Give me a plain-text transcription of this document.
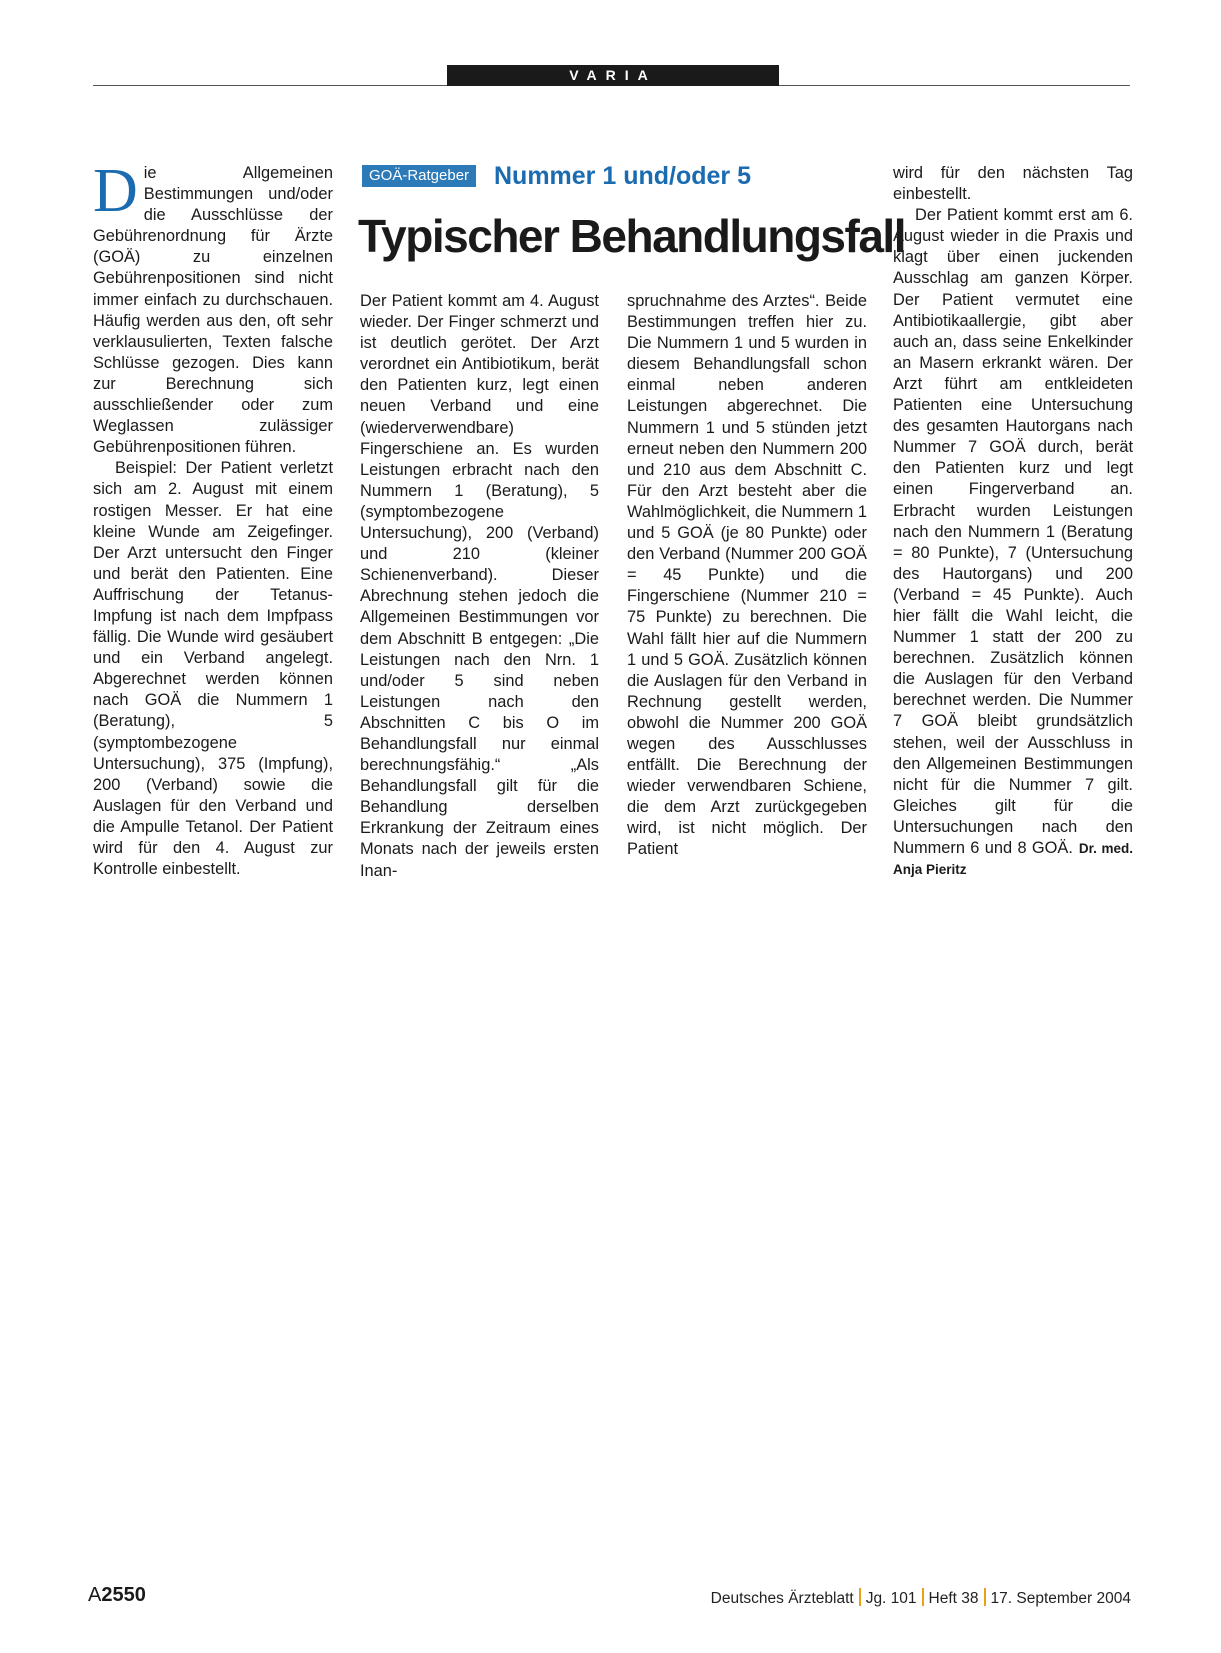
VARIA

Die Allgemeinen Bestimmungen und/oder die Ausschlüsse der Gebührenordnung für Ärzte (GOÄ) zu einzelnen Gebührenpositionen sind nicht immer einfach zu durchschauen. Häufig werden aus den, oft sehr verklausulierten, Texten falsche Schlüsse gezogen. Dies kann zur Berechnung sich ausschließender oder zum Weglassen zulässiger Gebührenpositionen führen.

Beispiel: Der Patient verletzt sich am 2. August mit einem rostigen Messer. Er hat eine kleine Wunde am Zeigefinger. Der Arzt untersucht den Finger und berät den Patienten. Eine Auffrischung der Tetanus-Impfung ist nach dem Impfpass fällig. Die Wunde wird gesäubert und ein Verband angelegt. Abgerechnet werden können nach GOÄ die Nummern 1 (Beratung), 5 (symptombezogene Untersuchung), 375 (Impfung), 200 (Verband) sowie die Auslagen für den Verband und die Ampulle Tetanol. Der Patient wird für den 4. August zur Kontrolle einbestellt.

GOÄ-Ratgeber Nummer 1 und/oder 5
Typischer Behandlungsfall

Der Patient kommt am 4. August wieder. Der Finger schmerzt und ist deutlich gerötet. Der Arzt verordnet ein Antibiotikum, berät den Patienten kurz, legt einen neuen Verband und eine (wiederverwendbare) Fingerschiene an. Es wurden Leistungen erbracht nach den Nummern 1 (Beratung), 5 (symptombezogene Untersuchung), 200 (Verband) und 210 (kleiner Schienenverband). Dieser Abrechnung stehen jedoch die Allgemeinen Bestimmungen vor dem Abschnitt B entgegen: „Die Leistungen nach den Nrn. 1 und/oder 5 sind neben Leistungen nach den Abschnitten C bis O im Behandlungsfall nur einmal berechnungsfähig.“ „Als Behandlungsfall gilt für die Behandlung derselben Erkrankung der Zeitraum eines Monats nach der jeweils ersten Inan-

spruchnahme des Arztes“. Beide Bestimmungen treffen hier zu. Die Nummern 1 und 5 wurden in diesem Behandlungsfall schon einmal neben anderen Leistungen abgerechnet. Die Nummern 1 und 5 stünden jetzt erneut neben den Nummern 200 und 210 aus dem Abschnitt C. Für den Arzt besteht aber die Wahlmöglichkeit, die Nummern 1 und 5 GOÄ (je 80 Punkte) oder den Verband (Nummer 200 GOÄ = 45 Punkte) und die Fingerschiene (Nummer 210 = 75 Punkte) zu berechnen. Die Wahl fällt hier auf die Nummern 1 und 5 GOÄ. Zusätzlich können die Auslagen für den Verband in Rechnung gestellt werden, obwohl die Nummer 200 GOÄ wegen des Ausschlusses entfällt. Die Berechnung der wieder verwendbaren Schiene, die dem Arzt zurückgegeben wird, ist nicht möglich. Der Patient

wird für den nächsten Tag einbestellt.

Der Patient kommt erst am 6. August wieder in die Praxis und klagt über einen juckenden Ausschlag am ganzen Körper. Der Patient vermutet eine Antibiotikaallergie, gibt aber auch an, dass seine Enkelkinder an Masern erkrankt wären. Der Arzt führt am entkleideten Patienten eine Untersuchung des gesamten Hautorgans nach Nummer 7 GOÄ durch, berät den Patienten kurz und legt einen Fingerverband an. Erbracht wurden Leistungen nach den Nummern 1 (Beratung = 80 Punkte), 7 (Untersuchung des Hautorgans) und 200 (Verband = 45 Punkte). Auch hier fällt die Wahl leicht, die Nummer 1 statt der 200 zu berechnen. Zusätzlich können die Auslagen für den Verband berechnet werden. Die Nummer 7 GOÄ bleibt grundsätzlich stehen, weil der Ausschluss in den Allgemeinen Bestimmungen nicht für die Nummer 7 gilt. Gleiches gilt für die Untersuchungen nach den Nummern 6 und 8 GOÄ. Dr. med. Anja Pieritz

A2550	Deutsches Ärzteblatt Jg. 101 Heft 38 17. September 2004
